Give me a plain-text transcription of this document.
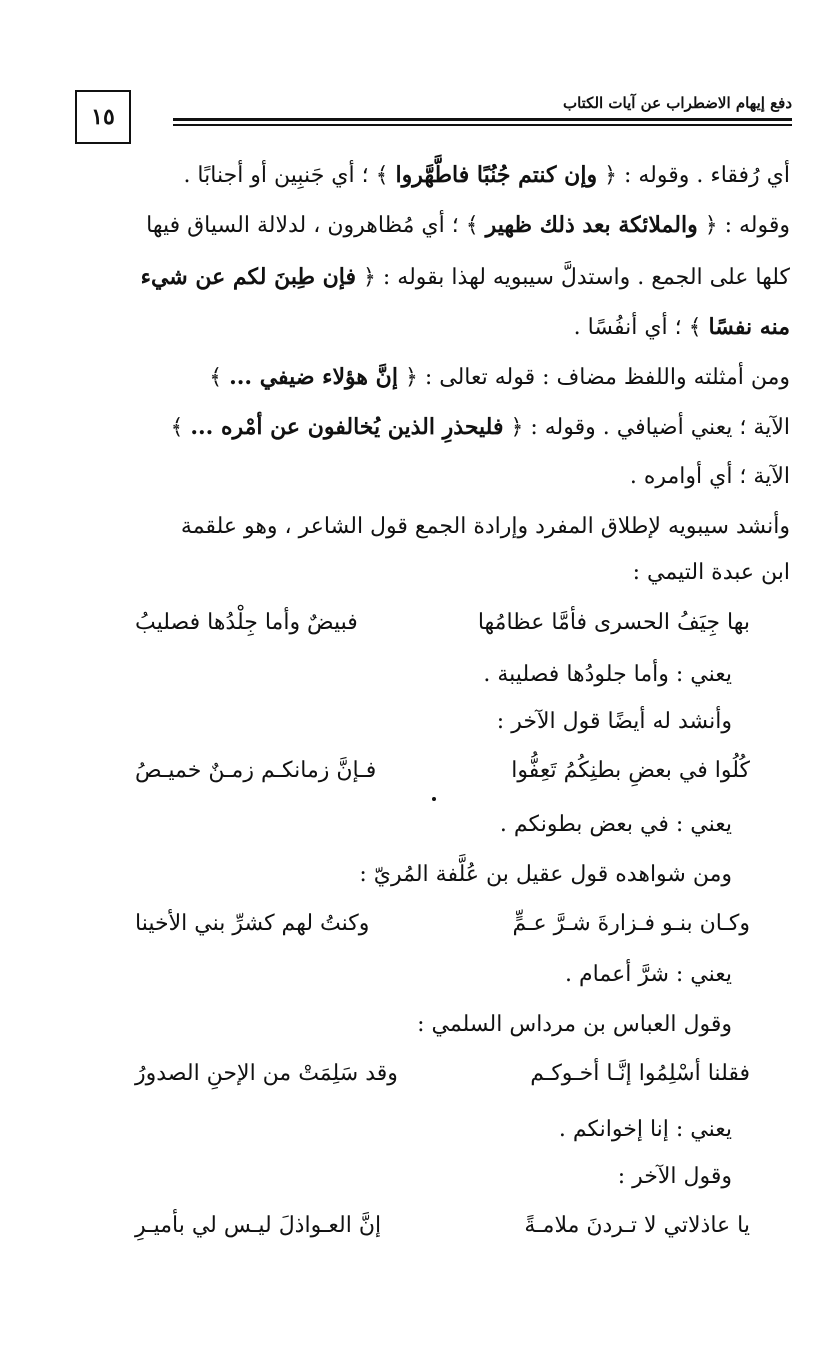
١٥
دفع إيهام الاضطراب عن آيات الكتاب
أي رُفقاء . وقوله : ﴿ وإن كنتم جُنُبًا فاطَّهَّروا ﴾ ؛ أي جَنبِين أو أجنابًا .
وقوله : ﴿ والملائكة بعد ذلك ظهير ﴾ ؛ أي مُظاهرون ، لدلالة السياق فيها
كلها على الجمع . واستدلَّ سيبويه لهذا بقوله : ﴿ فإن طِبنَ لكم عن شيء
منه نفسًا ﴾ ؛ أي أنفُسًا .
ومن أمثلته واللفظ مضاف : قوله تعالى : ﴿ إنَّ هؤلاء ضيفي ... ﴾
الآية ؛ يعني أضيافي . وقوله : ﴿ فليحذرِ الذين يُخالفون عن أمْره ... ﴾
الآية ؛ أي أوامره .
وأنشد سيبويه لإطلاق المفرد وإرادة الجمع قول الشاعر ، وهو علقمة
ابن عبدة التيمي :
بها جِيَفُ الحسرى فأمَّا عظامُها
فبيضٌ وأما جِلْدُها فصليبُ
يعني : وأما جلودُها فصليبة .
وأنشد له أيضًا قول الآخر :
كُلُوا في بعضِ بطنِكُمُ تَعِفُّوا
فـإنَّ زمانكـم زمـنٌ خميـصُ
يعني : في بعض بطونكم .
ومن شواهده قول عقيل بن عُلَّفة المُريّ :
وكـان بنـو فـزارةَ شـرَّ عـمٍّ
وكنتُ لهم كشرِّ بني الأخينا
يعني : شرَّ أعمام .
وقول العباس بن مرداس السلمي :
فقلنا أسْلِمُوا إنَّـا أخـوكـم
وقد سَلِمَتْ من الإحنِ الصدورُ
يعني : إنا إخوانكم .
وقول الآخر :
يا عاذلاتي لا تـردنَ ملامـةً
إنَّ العـواذلَ ليـس لي بأميـرِ
